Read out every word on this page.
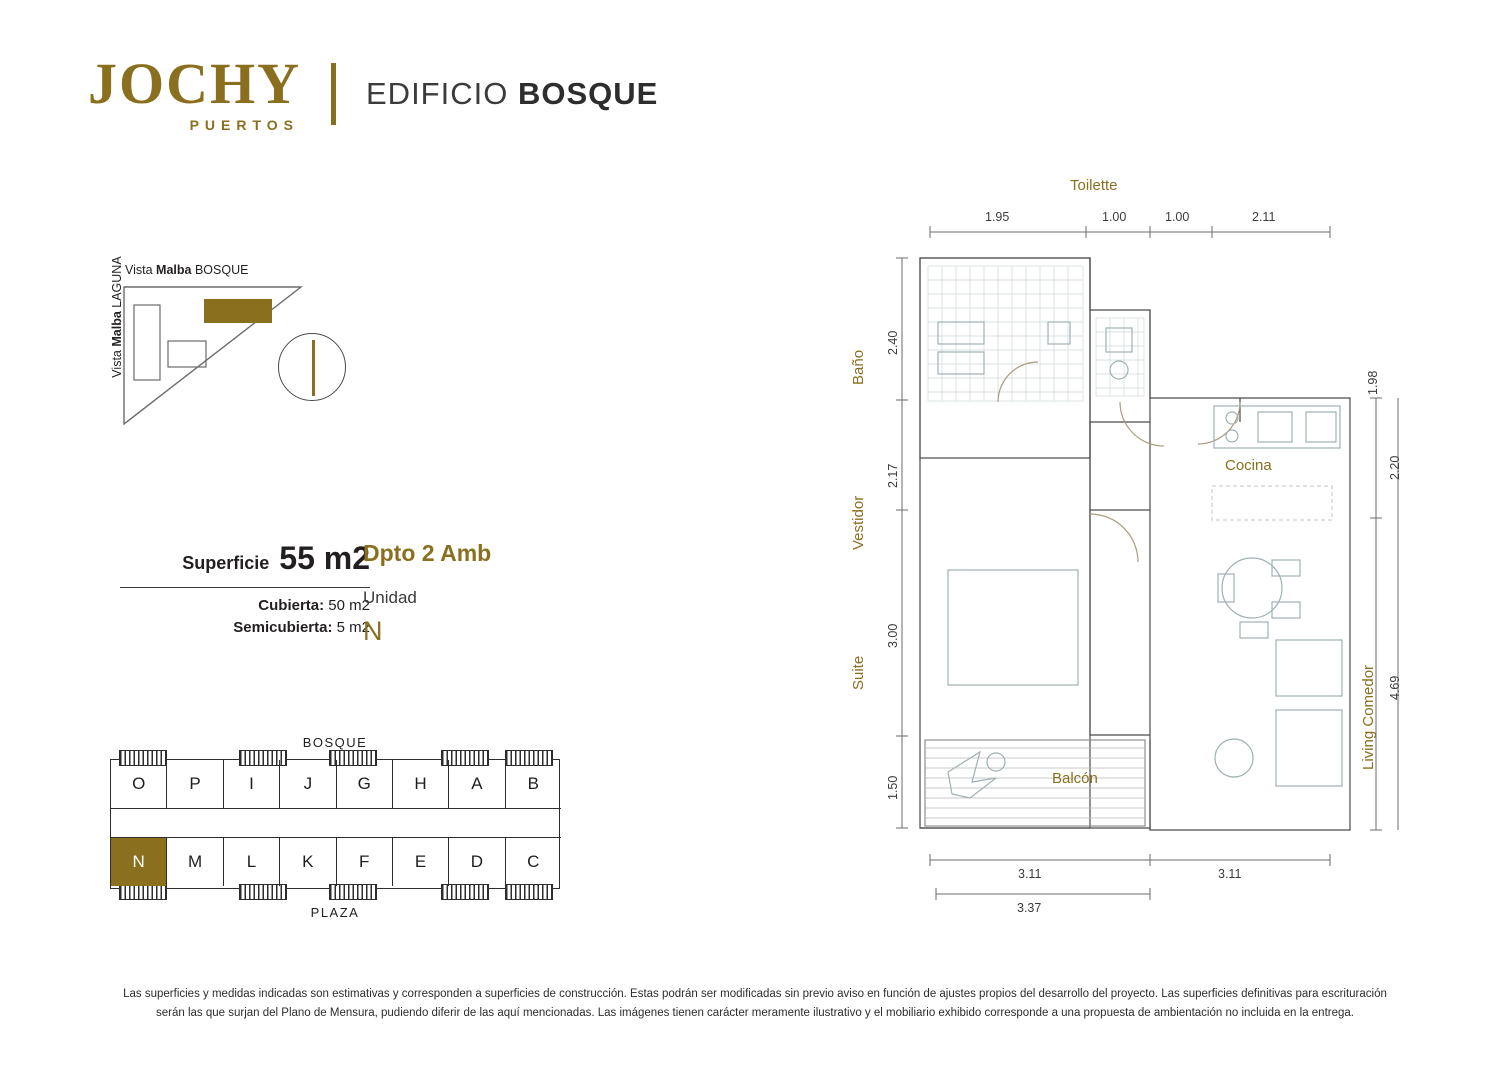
JOCHY
PUERTOS
EDIFICIO BOSQUE
Vista Malba BOSQUE
Vista Malba LAGUNA
Superficie 55 m2
Cubierta: 50 m2
Semicubierta: 5 m2
Dpto 2 Amb
Unidad
N
BOSQUE
PLAZA
O	P	I	J	G	H	A	B
N	M	L	K	F	E	D	C
Toilette
Baño
Vestidor
Suite
Cocina
Living Comedor
Balcón
1.95	1.00	1.00	2.11
2.40
2.17
3.00
1.50
1.98
2.20
4.69
3.11	3.11
3.37
Las superficies y medidas indicadas son estimativas y corresponden a superficies de construcción. Estas podrán ser modificadas sin previo aviso en función de ajustes propios del desarrollo del proyecto. Las superficies definitivas para escrituración
serán las que surjan del Plano de Mensura, pudiendo diferir de las aquí mencionadas. Las imágenes tienen carácter meramente ilustrativo y el mobiliario exhibido corresponde a una propuesta de ambientación no incluida en la entrega.
